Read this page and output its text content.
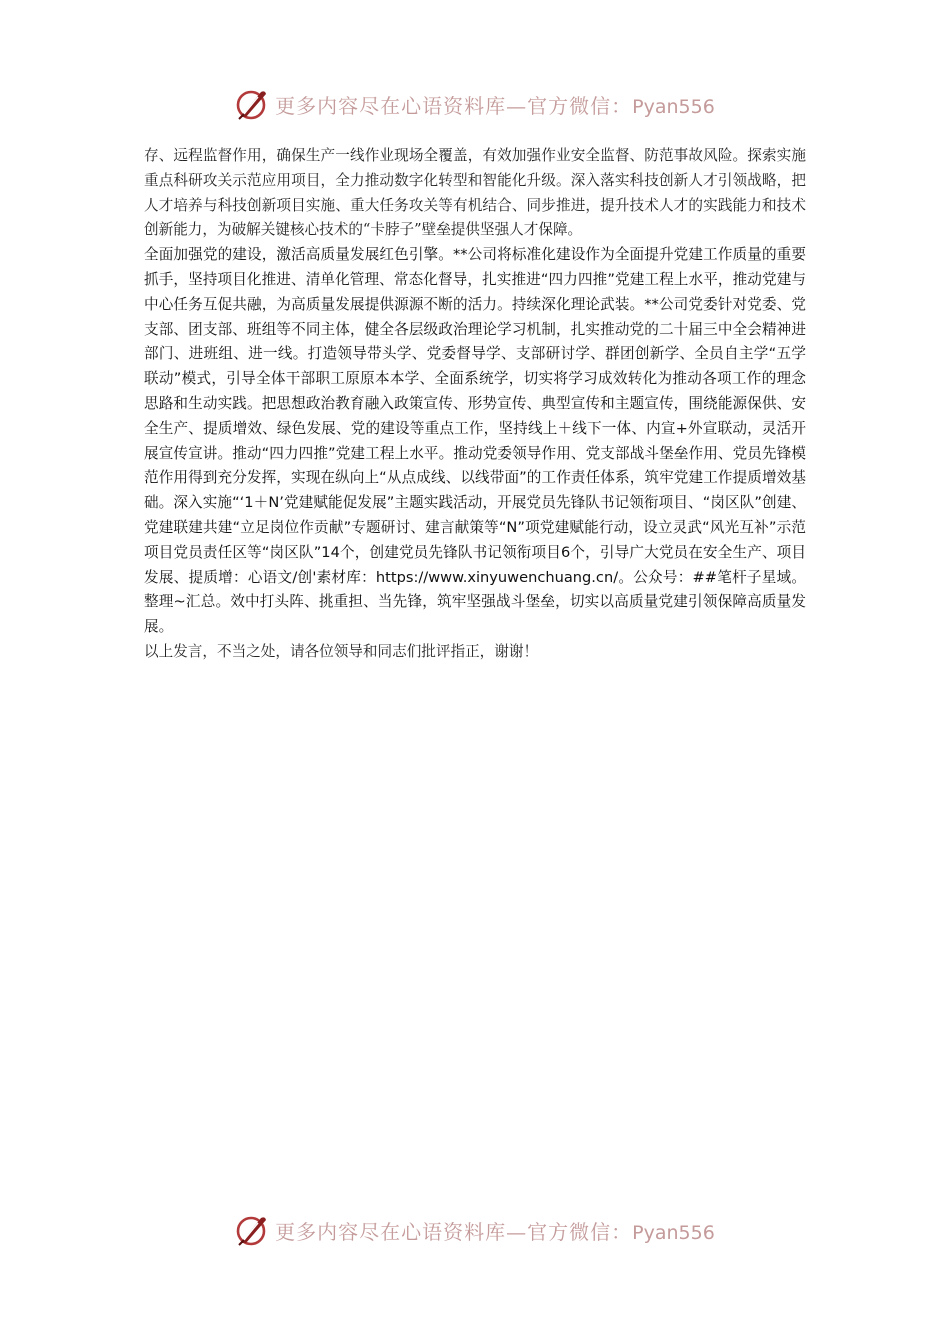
更多内容尽在心语资料库—官方微信：Pyan556

存、远程监督作用，确保生产一线作业现场全覆盖，有效加强作业安全监督、防范事故风险。探索实施重点科研攻关示范应用项目，全力推动数字化转型和智能化升级。深入落实科技创新人才引领战略，把人才培养与科技创新项目实施、重大任务攻关等有机结合、同步推进，提升技术人才的实践能力和技术创新能力，为破解关键核心技术的“卡脖子”壁垒提供坚强人才保障。

全面加强党的建设，激活高质量发展红色引擎。**公司将标准化建设作为全面提升党建工作质量的重要抓手，坚持项目化推进、清单化管理、常态化督导，扎实推进“四力四推”党建工程上水平，推动党建与中心任务互促共融，为高质量发展提供源源不断的活力。持续深化理论武装。**公司党委针对党委、党支部、团支部、班组等不同主体，健全各层级政治理论学习机制，扎实推动党的二十届三中全会精神进部门、进班组、进一线。打造领导带头学、党委督导学、支部研讨学、群团创新学、全员自主学“五学联动”模式，引导全体干部职工原原本本学、全面系统学，切实将学习成效转化为推动各项工作的理念思路和生动实践。把思想政治教育融入政策宣传、形势宣传、典型宣传和主题宣传，围绕能源保供、安全生产、提质增效、绿色发展、党的建设等重点工作，坚持线上＋线下一体、内宣+外宣联动，灵活开展宣传宣讲。推动“四力四推”党建工程上水平。推动党委领导作用、党支部战斗堡垒作用、党员先锋模范作用得到充分发挥，实现在纵向上“从点成线、以线带面”的工作责任体系，筑牢党建工作提质增效基础。深入实施“‘1＋N’党建赋能促发展”主题实践活动，开展党员先锋队书记领衔项目、“岗区队”创建、党建联建共建“立足岗位作贡献”专题研讨、建言献策等“N”项党建赋能行动，设立灵武“风光互补”示范项目党员责任区等“岗区队”14个，创建党员先锋队书记领衔项目6个，引导广大党员在安全生产、项目发展、提质增：心语文/创'素材库：https://www.xinyuwenchuang.cn/。公众号：##笔杆子星域。整理~汇总。效中打头阵、挑重担、当先锋，筑牢坚强战斗堡垒，切实以高质量党建引领保障高质量发展。

以上发言，不当之处，请各位领导和同志们批评指正，谢谢！

更多内容尽在心语资料库—官方微信：Pyan556
